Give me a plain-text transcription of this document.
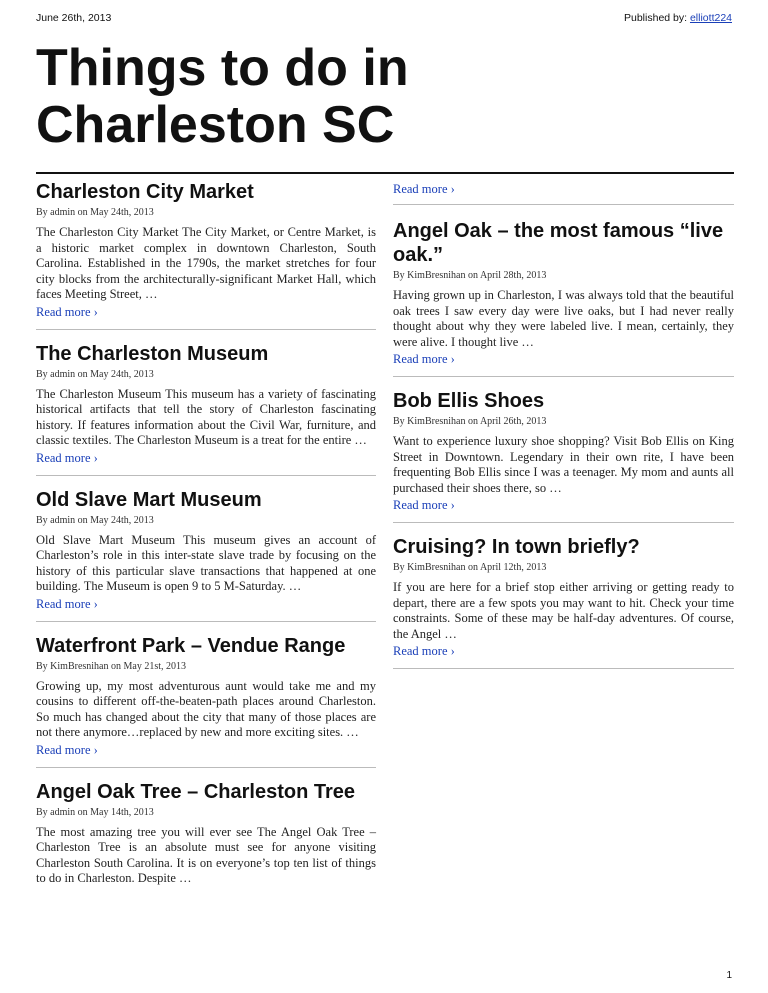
June 26th, 2013	Published by: elliott224
Things to do in
Charleston SC
Charleston City Market
By admin on May 24th, 2013

The Charleston City Market The City Market, or Centre Market, is a historic market complex in downtown Charleston, South Carolina. Established in the 1790s, the market stretches for four city blocks from the architecturally-significant Market Hall, which faces Meeting Street, …

Read more ›
The Charleston Museum
By admin on May 24th, 2013

The Charleston Museum This museum has a variety of fascinating historical artifacts that tell the story of Charleston fascinating history. If features information about the Civil War, furniture, and classic textiles. The Charleston Museum is a treat for the entire …

Read more ›
Old Slave Mart Museum
By admin on May 24th, 2013

Old Slave Mart Museum This museum gives an account of Charleston’s role in this inter-state slave trade by focusing on the history of this particular slave transactions that happened at one building. The Museum is open 9 to 5 M-Saturday. …

Read more ›
Waterfront Park – Vendue Range
By KimBresnihan on May 21st, 2013

Growing up, my most adventurous aunt would take me and my cousins to different off-the-beaten-path places around Charleston. So much has changed about the city that many of those places are not there anymore…replaced by new and more exciting sites. …

Read more ›
Angel Oak Tree – Charleston Tree
By admin on May 14th, 2013

The most amazing tree you will ever see The Angel Oak Tree – Charleston Tree is an absolute must see for anyone visiting Charleston South Carolina. It is on everyone’s top ten list of things to do in Charleston. Despite …

Read more ›
Angel Oak – the most famous “live oak.”
By KimBresnihan on April 28th, 2013

Having grown up in Charleston, I was always told that the beautiful oak trees I saw every day were live oaks, but I had never really thought about why they were labeled live. I mean, certainly, they were alive. I thought live …

Read more ›
Bob Ellis Shoes
By KimBresnihan on April 26th, 2013

Want to experience luxury shoe shopping? Visit Bob Ellis on King Street in Downtown. Legendary in their own rite, I have been frequenting Bob Ellis since I was a teenager. My mom and aunts all purchased their shoes there, so …

Read more ›
Cruising? In town briefly?
By KimBresnihan on April 12th, 2013

If you are here for a brief stop either arriving or getting ready to depart, there are a few spots you may want to hit. Check your time constraints. Some of these may be half-day adventures. Of course, the Angel …

Read more ›
1
